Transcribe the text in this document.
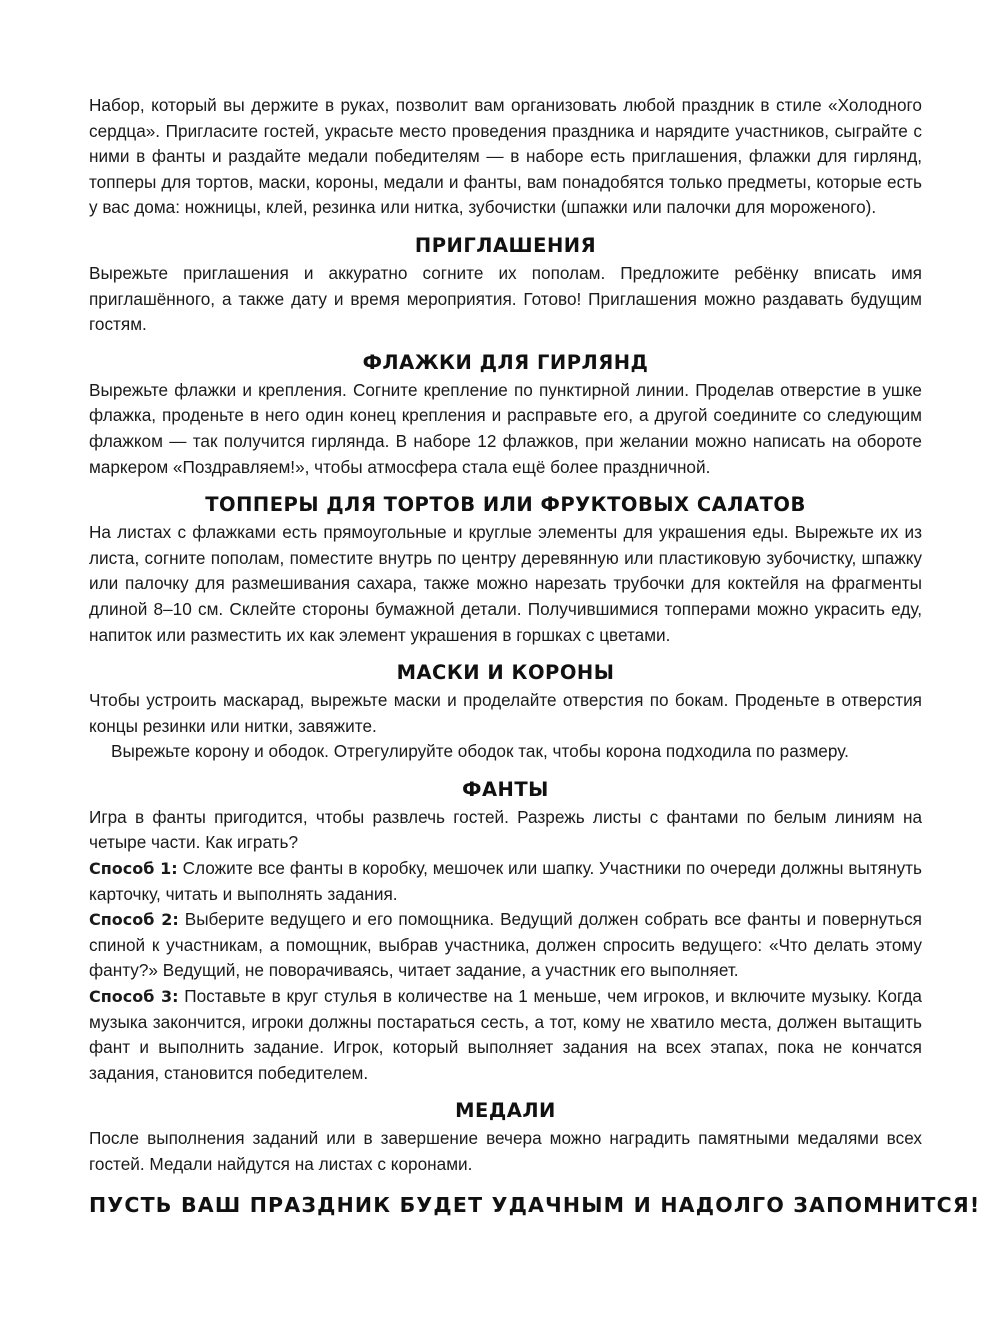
Набор, который вы держите в руках, позволит вам организовать любой праздник в стиле «Холодного сердца». Пригласите гостей, украсьте место проведения праздника и нарядите участников, сыграйте с ними в фанты и раздайте медали победителям — в наборе есть приглашения, флажки для гирлянд, топперы для тортов, маски, короны, медали и фанты, вам понадобятся только предметы, которые есть у вас дома: ножницы, клей, резинка или нитка, зубочистки (шпажки или палочки для мороженого).

ПРИГЛАШЕНИЯ

Вырежьте приглашения и аккуратно согните их пополам. Предложите ребёнку вписать имя приглашённого, а также дату и время мероприятия. Готово! Приглашения можно раздавать будущим гостям.

ФЛАЖКИ ДЛЯ ГИРЛЯНД

Вырежьте флажки и крепления. Согните крепление по пунктирной линии. Проделав отверстие в ушке флажка, проденьте в него один конец крепления и расправьте его, а другой соедините со следующим флажком — так получится гирлянда. В наборе 12 флажков, при желании можно написать на обороте маркером «Поздравляем!», чтобы атмосфера стала ещё более праздничной.

ТОППЕРЫ ДЛЯ ТОРТОВ ИЛИ ФРУКТОВЫХ САЛАТОВ

На листах с флажками есть прямоугольные и круглые элементы для украшения еды. Вырежьте их из листа, согните пополам, поместите внутрь по центру деревянную или пластиковую зубочистку, шпажку или палочку для размешивания сахара, также можно нарезать трубочки для коктейля на фрагменты длиной 8–10 см. Склейте стороны бумажной детали. Получившимися топперами можно украсить еду, напиток или разместить их как элемент украшения в горшках с цветами.

МАСКИ И КОРОНЫ

Чтобы устроить маскарад, вырежьте маски и проделайте отверстия по бокам. Проденьте в отверстия концы резинки или нитки, завяжите.

Вырежьте корону и ободок. Отрегулируйте ободок так, чтобы корона подходила по размеру.

ФАНТЫ

Игра в фанты пригодится, чтобы развлечь гостей. Разрежь листы с фантами по белым линиям на четыре части. Как играть?

Способ 1: Сложите все фанты в коробку, мешочек или шапку. Участники по очереди должны вытянуть карточку, читать и выполнять задания.

Способ 2: Выберите ведущего и его помощника. Ведущий должен собрать все фанты и повернуться спиной к участникам, а помощник, выбрав участника, должен спросить ведущего: «Что делать этому фанту?» Ведущий, не поворачиваясь, читает задание, а участник его выполняет.

Способ 3: Поставьте в круг стулья в количестве на 1 меньше, чем игроков, и включите музыку. Когда музыка закончится, игроки должны постараться сесть, а тот, кому не хватило места, должен вытащить фант и выполнить задание. Игрок, который выполняет задания на всех этапах, пока не кончатся задания, становится победителем.

МЕДАЛИ

После выполнения заданий или в завершение вечера можно наградить памятными медалями всех гостей. Медали найдутся на листах с коронами.

ПУСТЬ ВАШ ПРАЗДНИК БУДЕТ УДАЧНЫМ И НАДОЛГО ЗАПОМНИТСЯ!
